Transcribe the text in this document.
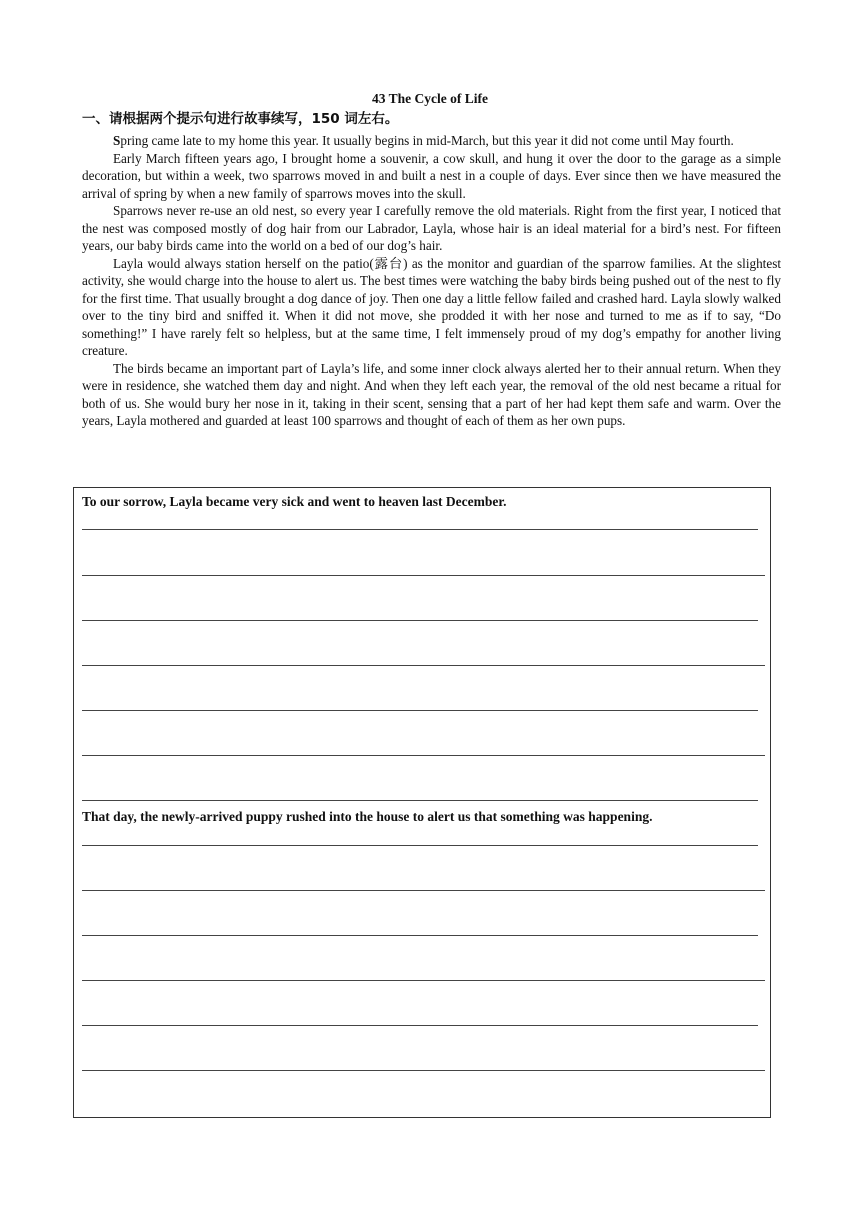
43 The Cycle of Life
一、请根据两个提示句进行故事续写，150 词左右。

Spring came late to my home this year. It usually begins in mid-March, but this year it did not come until May fourth.

Early March fifteen years ago, I brought home a souvenir, a cow skull, and hung it over the door to the garage as a simple decoration, but within a week, two sparrows moved in and built a nest in a couple of days. Ever since then we have measured the arrival of spring by when a new family of sparrows moves into the skull.

Sparrows never re-use an old nest, so every year I carefully remove the old materials. Right from the first year, I noticed that the nest was composed mostly of dog hair from our Labrador, Layla, whose hair is an ideal material for a bird’s nest. For fifteen years, our baby birds came into the world on a bed of our dog’s hair.

Layla would always station herself on the patio(露台) as the monitor and guardian of the sparrow families. At the slightest activity, she would charge into the house to alert us. The best times were watching the baby birds being pushed out of the nest to fly for the first time. That usually brought a dog dance of joy. Then one day a little fellow failed and crashed hard. Layla slowly walked over to the tiny bird and sniffed it. When it did not move, she prodded it with her nose and turned to me as if to say, “Do something!” I have rarely felt so helpless, but at the same time, I felt immensely proud of my dog’s empathy for another living creature.

The birds became an important part of Layla’s life, and some inner clock always alerted her to their annual return. When they were in residence, she watched them day and night. And when they left each year, the removal of the old nest became a ritual for both of us. She would bury her nose in it, taking in their scent, sensing that a part of her had kept them safe and warm. Over the years, Layla mothered and guarded at least 100 sparrows and thought of each of them as her own pups.

To our sorrow, Layla became very sick and went to heaven last December.
That day, the newly-arrived puppy rushed into the house to alert us that something was happening.
